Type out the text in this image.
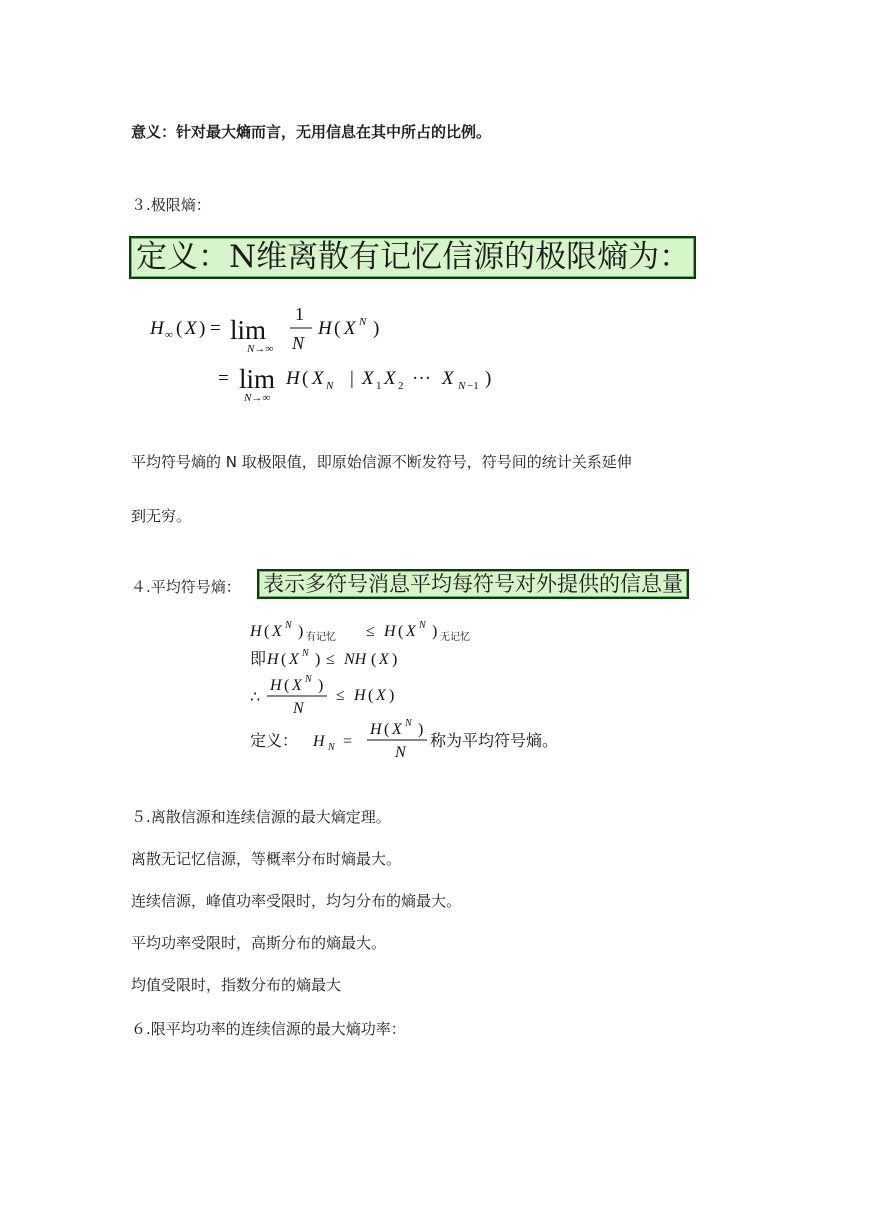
意义：针对最大熵而言，无用信息在其中所占的比例。
３.极限熵：
定义：N维离散有记忆信源的极限熵为：
H ∞ ( X ) = lim
N→∞
1
N
H ( X N )
= lim
N→∞
H ( X N | X 1 X 2 ··· X N −1 )
平均符号熵的 N 取极限值，即原始信源不断发符号，符号间的统计关系延伸
到无穷。
４.平均符号熵： 表示多符号消息平均每符号对外提供的信息量
H ( X N ) 有记忆 ≤ H ( X N ) 无记忆
即 H ( X N ) ≤ NH ( X )
∴
H ( X N )
N
≤ H ( X )
定义： H N =
H ( X N )
N
称为平均符号熵。
５.离散信源和连续信源的最大熵定理。
离散无记忆信源，等概率分布时熵最大。
连续信源，峰值功率受限时，均匀分布的熵最大。
平均功率受限时，高斯分布的熵最大。
均值受限时，指数分布的熵最大
６.限平均功率的连续信源的最大熵功率：
